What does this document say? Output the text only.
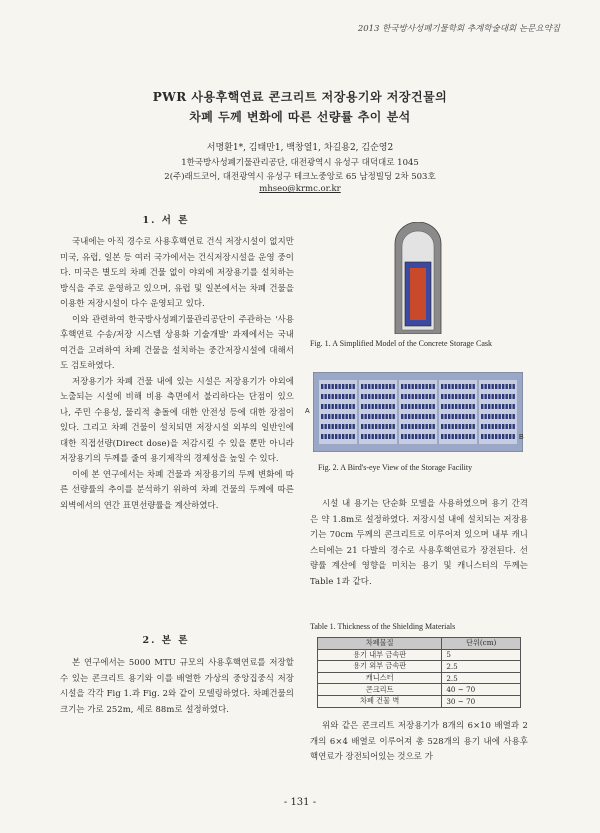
2013 한국방사성폐기물학회 추계학술대회 논문요약집
PWR 사용후핵연료 콘크리트 저장용기와 저장건물의
차폐 두께 변화에 따른 선량률 추이 분석
서명환1*, 김태만1, 백창열1, 차길용2, 김순영2
1한국방사성폐기물관리공단, 대전광역시 유성구 대덕대로 1045
2(주)래드코어, 대전광역시 유성구 테크노중앙로 65 남정빌딩 2차 503호
mhseo@krmc.or.kr
1. 서 론

국내에는 아직 경수로 사용후핵연료 건식 저장시설이 없지만 미국, 유럽, 일본 등 여러 국가에서는 건식저장시설을 운영 중이다. 미국은 별도의 차폐 건물 없이 야외에 저장용기를 설치하는 방식을 주로 운영하고 있으며, 유럽 및 일본에서는 차폐 건물을 이용한 저장시설이 다수 운영되고 있다.

이와 관련하여 한국방사성폐기물관리공단이 주관하는 '사용후핵연료 수송/저장 시스템 상용화 기술개발' 과제에서는 국내 여건을 고려하여 차폐 건물을 설치하는 중간저장시설에 대해서도 검토하였다.

저장용기가 차폐 건물 내에 있는 시설은 저장용기가 야외에 노출되는 시설에 비해 비용 측면에서 불리하다는 단점이 있으나, 주민 수용성, 물리적 충돌에 대한 안전성 등에 대한 장점이 있다. 그리고 차폐 건물이 설치되면 저장시설 외부의 일반인에 대한 직접선량(Direct dose)을 저감시킬 수 있을 뿐만 아니라 저장용기의 두께를 줄여 용기제작의 경제성을 높일 수 있다.

이에 본 연구에서는 차폐 건물과 저장용기의 두께 변화에 따른 선량률의 추이를 분석하기 위하여 차폐 건물의 두께에 따른 외벽에서의 연간 표면선량률을 계산하였다.

2. 본 론

본 연구에서는 5000 MTU 규모의 사용후핵연료를 저장할 수 있는 콘크리트 용기와 이를 배열한 가상의 중앙집중식 저장시설을 각각 Fig 1.과 Fig. 2와 같이 모델링하였다. 차폐건물의 크기는 가로 252m, 세로 88m로 설정하였다.

Fig. 1. A Simplified Model of the Concrete Storage Cask
A
B
Fig. 2. A Bird's-eye View of the Storage Facility

시설 내 용기는 단순화 모델을 사용하였으며 용기 간격은 약 1.8m로 설정하였다. 저장시설 내에 설치되는 저장용기는 70cm 두께의 콘크리트로 이루어져 있으며 내부 캐니스터에는 21 다발의 경수로 사용후핵연료가 장전된다. 선량률 계산에 영향을 미치는 용기 및 캐니스터의 두께는 Table 1과 같다.

Table 1. Thickness of the Shielding Materials
차폐물질	단위(cm)
용기 내부 금속판	5
용기 외부 금속판	2.5
캐니스터	2.5
콘크리트	40 ~ 70
차폐 건물 벽	30 ~ 70

위와 같은 콘크리트 저장용기가 8개의 6×10 배열과 2개의 6×4 배열로 이루어져 총 528개의 용기 내에 사용후핵연료가 장전되어있는 것으로 가

- 131 -
